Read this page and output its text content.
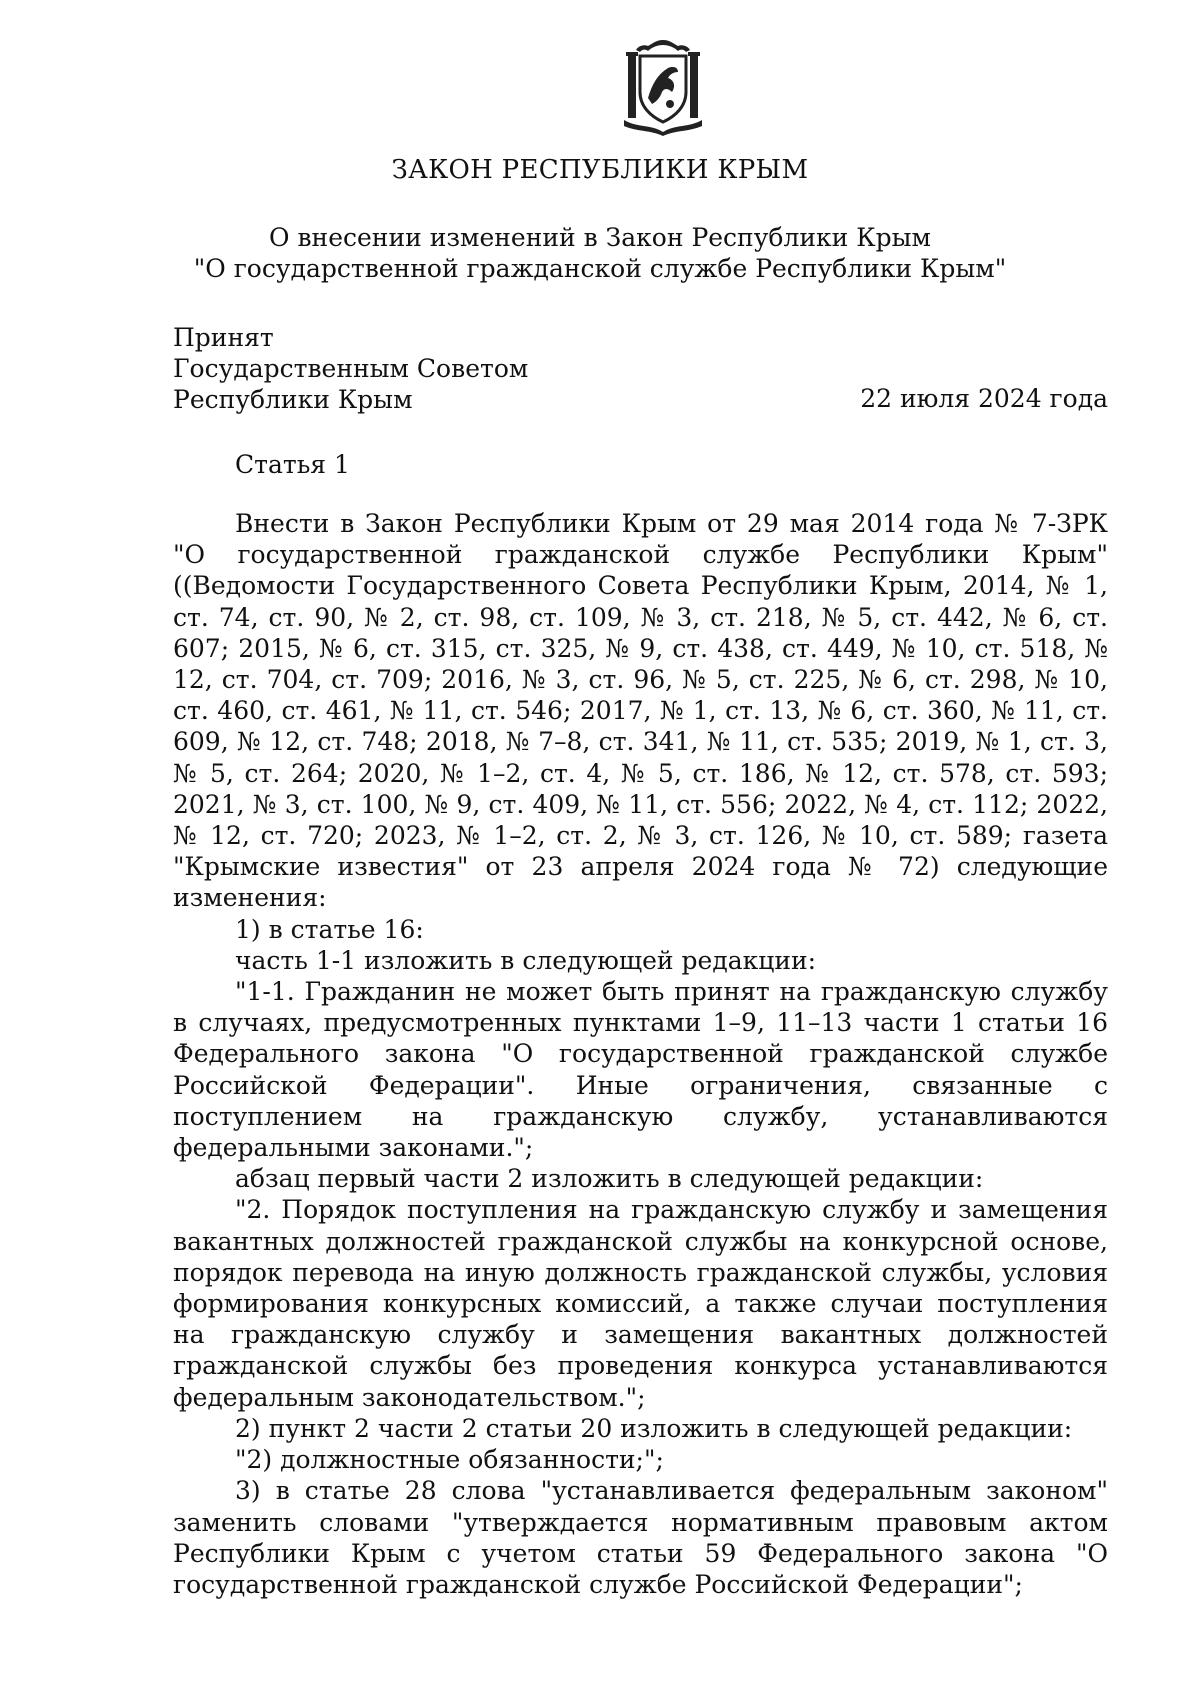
ЗАКОН РЕСПУБЛИКИ КРЫМ
О внесении изменений в Закон Республики Крым
"О государственной гражданской службе Республики Крым"
Принят
Государственным Советом
Республики Крым	22 июля 2024 года
Статья 1

Внести в Закон Республики Крым от 29 мая 2014 года № 7-ЗРК "О государственной гражданской службе Республики Крым" ((Ведомости Государственного Совета Республики Крым, 2014, № 1, ст. 74, ст. 90, № 2, ст. 98, ст. 109, № 3, ст. 218, № 5, ст. 442, № 6, ст. 607; 2015, № 6, ст. 315, ст. 325, № 9, ст. 438, ст. 449, № 10, ст. 518, № 12, ст. 704, ст. 709; 2016, № 3, ст. 96, № 5, ст. 225, № 6, ст. 298, № 10, ст. 460, ст. 461, № 11, ст. 546; 2017, № 1, ст. 13, № 6, ст. 360, № 11, ст. 609, № 12, ст. 748; 2018, № 7–8, ст. 341, № 11, ст. 535; 2019, № 1, ст. 3, № 5, ст. 264; 2020, № 1–2, ст. 4, № 5, ст. 186, № 12, ст. 578, ст. 593; 2021, № 3, ст. 100, № 9, ст. 409, № 11, ст. 556; 2022, № 4, ст. 112; 2022, № 12, ст. 720; 2023, № 1–2, ст. 2, № 3, ст. 126, № 10, ст. 589; газета "Крымские известия" от 23 апреля 2024 года № 72) следующие изменения:

1) в статье 16:

часть 1-1 изложить в следующей редакции:

"1-1. Гражданин не может быть принят на гражданскую службу в случаях, предусмотренных пунктами 1–9, 11–13 части 1 статьи 16 Федерального закона "О государственной гражданской службе Российской Федерации". Иные ограничения, связанные с поступлением на гражданскую службу, устанавливаются федеральными законами.";

абзац первый части 2 изложить в следующей редакции:

"2. Порядок поступления на гражданскую службу и замещения вакантных должностей гражданской службы на конкурсной основе, порядок перевода на иную должность гражданской службы, условия формирования конкурсных комиссий, а также случаи поступления на гражданскую службу и замещения вакантных должностей гражданской службы без проведения конкурса устанавливаются федеральным законодательством.";

2) пункт 2 части 2 статьи 20 изложить в следующей редакции:

"2) должностные обязанности;";

3) в статье 28 слова "устанавливается федеральным законом" заменить словами "утверждается нормативным правовым актом Республики Крым с учетом статьи 59 Федерального закона "О государственной гражданской службе Российской Федерации";
